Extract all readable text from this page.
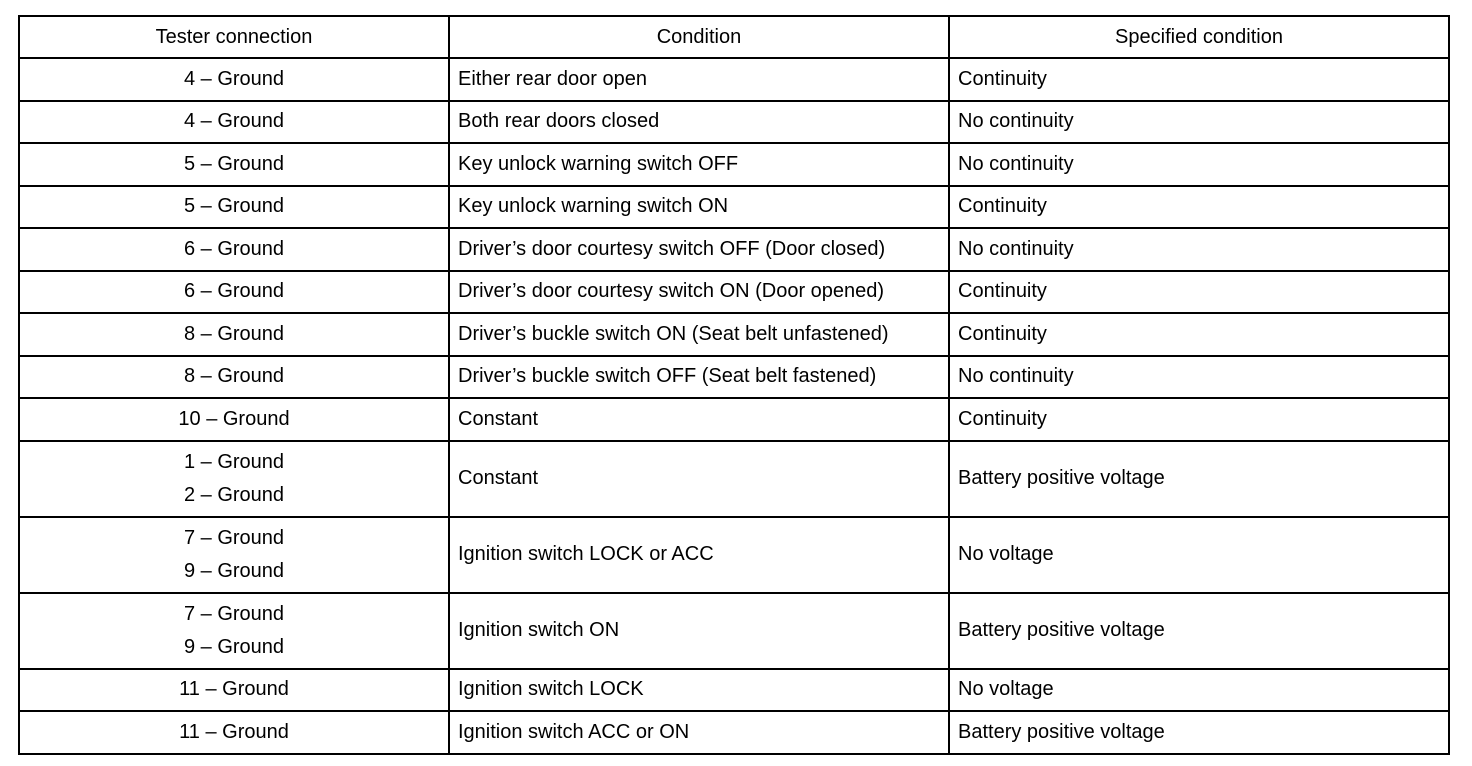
Tester connection	Condition	Specified condition

4 – Ground	Either rear door open	Continuity

4 – Ground	Both rear doors closed	No continuity

5 – Ground	Key unlock warning switch OFF	No continuity

5 – Ground	Key unlock warning switch ON	Continuity

6 – Ground	Driver’s door courtesy switch OFF (Door closed)	No continuity

6 – Ground	Driver’s door courtesy switch ON (Door opened)	Continuity

8 – Ground	Driver’s buckle switch ON (Seat belt unfastened)	Continuity

8 – Ground	Driver’s buckle switch OFF (Seat belt fastened)	No continuity

10 – Ground	Constant	Continuity

1 – Ground
2 – Ground	Constant	Battery positive voltage

7 – Ground
9 – Ground	Ignition switch LOCK or ACC	No voltage

7 – Ground
9 – Ground	Ignition switch ON	Battery positive voltage

11 – Ground	Ignition switch LOCK	No voltage

11 – Ground	Ignition switch ACC or ON	Battery positive voltage
